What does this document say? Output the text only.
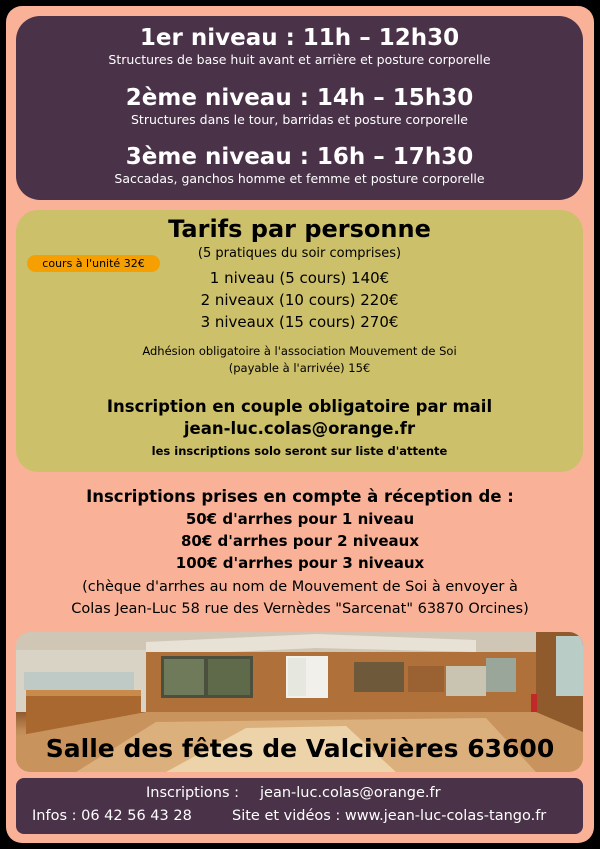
1er niveau : 11h – 12h30

Structures de base huit avant et arrière et posture corporelle

2ème niveau : 14h – 15h30

Structures dans le tour, barridas et posture corporelle

3ème niveau : 16h – 17h30

Saccadas, ganchos homme et femme et posture corporelle

Tarifs par personne

(5 pratiques du soir comprises)

1 niveau (5 cours) 140€

2 niveaux (10 cours) 220€

3 niveaux (15 cours) 270€

Adhésion obligatoire à l'association Mouvement de Soi

(payable à l'arrivée) 15€

Inscription en couple obligatoire par mail

jean-luc.colas@orange.fr

les inscriptions solo seront sur liste d'attente

cours à l'unité 32€

Inscriptions prises en compte à réception de :

50€ d'arrhes pour 1 niveau

80€ d'arrhes pour 2 niveaux

100€ d'arrhes pour 3 niveaux

(chèque d'arrhes au nom de Mouvement de Soi à envoyer à

Colas Jean-Luc 58 rue des Vernèdes "Sarcenat" 63870 Orcines)

Salle des fêtes de Valcivières 63600

Inscriptions : jean-luc.colas@orange.fr

Infos : 06 42 56 43 28	Site et vidéos : www.jean-luc-colas-tango.fr
